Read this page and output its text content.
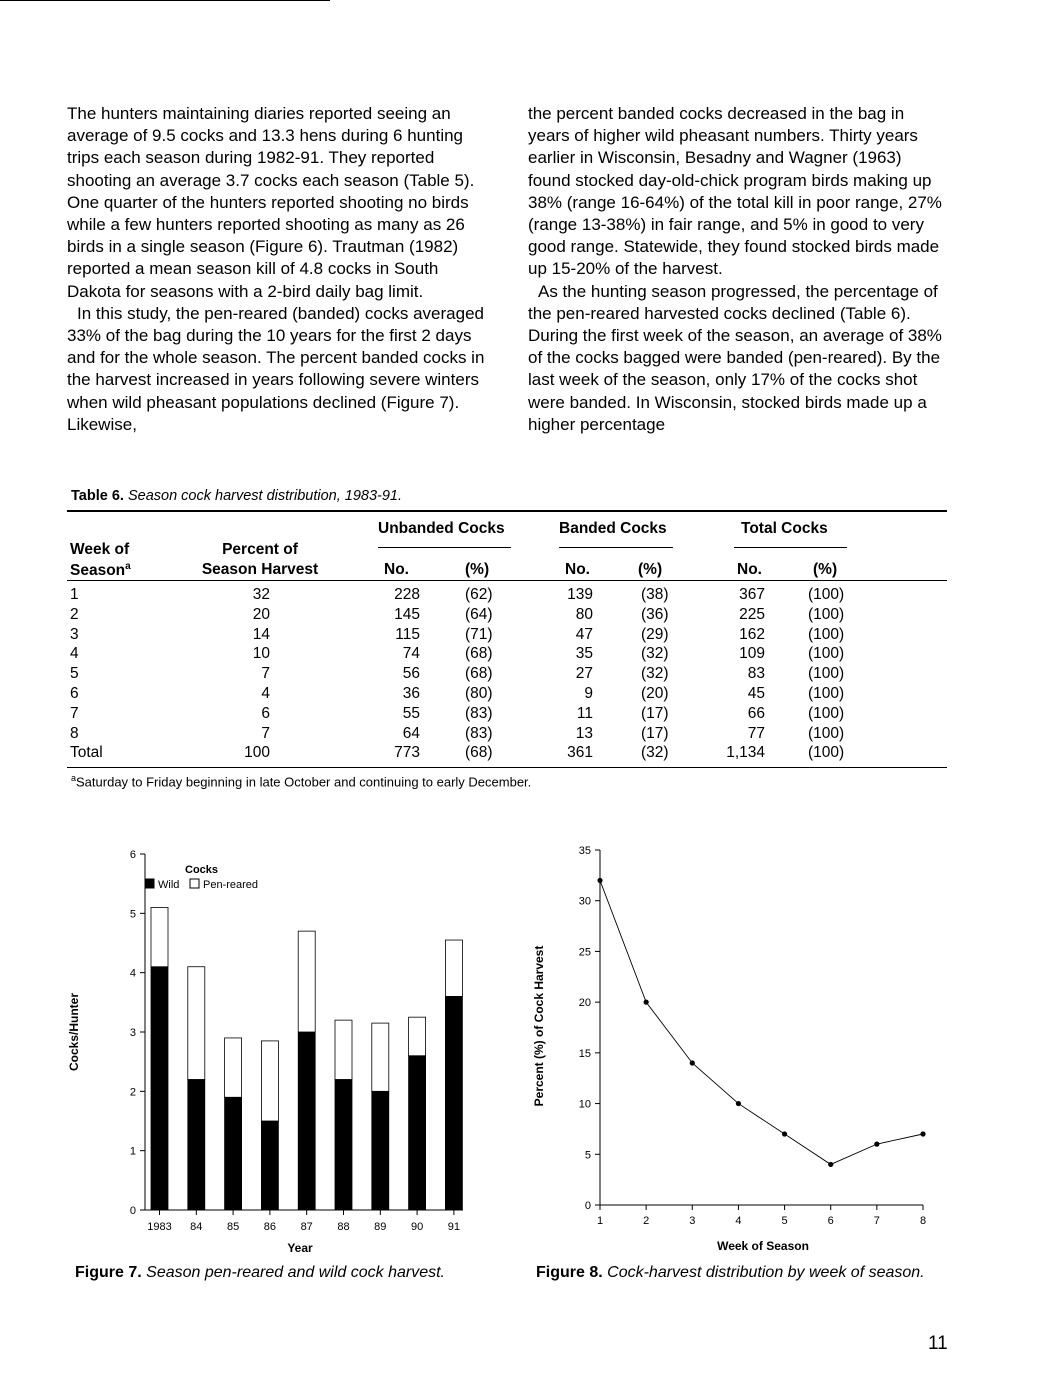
The hunters maintaining diaries reported seeing an average of 9.5 cocks and 13.3 hens during 6 hunting trips each season during 1982-91. They reported shooting an average 3.7 cocks each season (Table 5). One quarter of the hunters reported shooting no birds while a few hunters reported shooting as many as 26 birds in a single season (Figure 6). Trautman (1982) reported a mean season kill of 4.8 cocks in South Dakota for seasons with a 2-bird daily bag limit.

In this study, the pen-reared (banded) cocks averaged 33% of the bag during the 10 years for the first 2 days and for the whole season. The percent banded cocks in the harvest increased in years following severe winters when wild pheasant populations declined (Figure 7). Likewise,

the percent banded cocks decreased in the bag in years of higher wild pheasant numbers. Thirty years earlier in Wisconsin, Besadny and Wagner (1963) found stocked day-old-chick program birds making up 38% (range 16-64%) of the total kill in poor range, 27% (range 13-38%) in fair range, and 5% in good to very good range. Statewide, they found stocked birds made up 15-20% of the harvest.

As the hunting season progressed, the percentage of the pen-reared harvested cocks declined (Table 6). During the first week of the season, an average of 38% of the cocks bagged were banded (pen-reared). By the last week of the season, only 17% of the cocks shot were banded. In Wisconsin, stocked birds made up a higher percentage

Table 6. Season cock harvest distribution, 1983-91.
Unbanded Cocks	Banded Cocks	Total Cocks
Week of
Season$^a$
Percent of
Season Harvest	No.	(%)	No.	(%)	No.	(%)
1	32	228	(62)	139	(38)	367	(100)
2	20	145	(64)	80	(36)	225	(100)
3	14	115	(71)	47	(29)	162	(100)
4	10	74	(68)	35	(32)	109	(100)
5	7	56	(68)	27	(32)	83	(100)
6	4	36	(80)	9	(20)	45	(100)
7	6	55	(83)	11	(17)	66	(100)
8	7	64	(83)	13	(17)	77	(100)
Total	100	773	(68)	361	(32)	1,134	(100)
$^a$Saturday to Friday beginning in late October and continuing to early December.
0
1
2
3
4
5
6
1983 84 85 86 87 88 89 90 91
Year
Cocks/Hunter
Cocks
Wild Pen-reared
0
5
10
15
20
25
30
35
1	2	3	4	5	6	7	8
Week of Season
Percent (%) of Cock Harvest
Figure 7. Season pen-reared and wild cock harvest.	Figure 8. Cock-harvest distribution by week of season.
11
